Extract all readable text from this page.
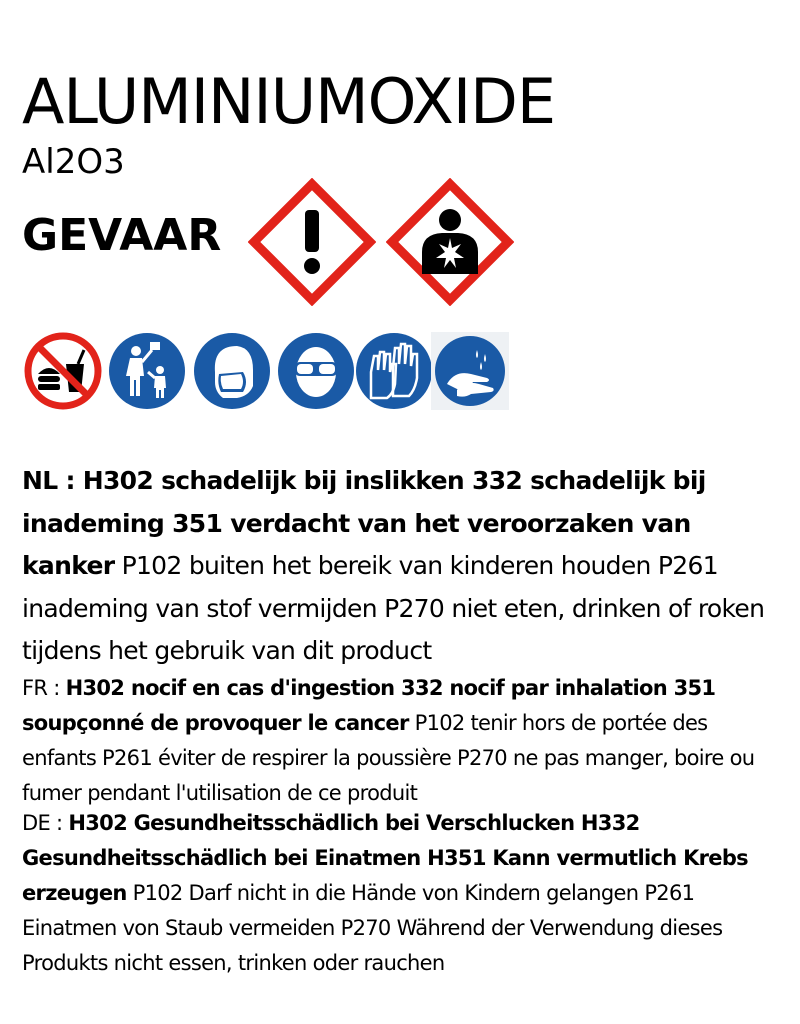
ALUMINIUMOXIDE
Al2O3
GEVAAR
NL : H302 schadelijk bij inslikken 332 schadelijk bij inademing 351 verdacht van het veroorzaken van kanker P102 buiten het bereik van kinderen houden P261 inademing van stof vermijden P270 niet eten, drinken of roken tijdens het gebruik van dit product
FR : H302 nocif en cas d'ingestion 332 nocif par inhalation 351 soupçonné de provoquer le cancer P102 tenir hors de portée des enfants P261 éviter de respirer la poussière P270 ne pas manger, boire ou fumer pendant l'utilisation de ce produit
DE : H302 Gesundheitsschädlich bei Verschlucken H332 Gesundheitsschädlich bei Einatmen H351 Kann vermutlich Krebs erzeugen P102 Darf nicht in die Hände von Kindern gelangen P261 Einatmen von Staub vermeiden P270 Während der Verwendung dieses Produkts nicht essen, trinken oder rauchen
